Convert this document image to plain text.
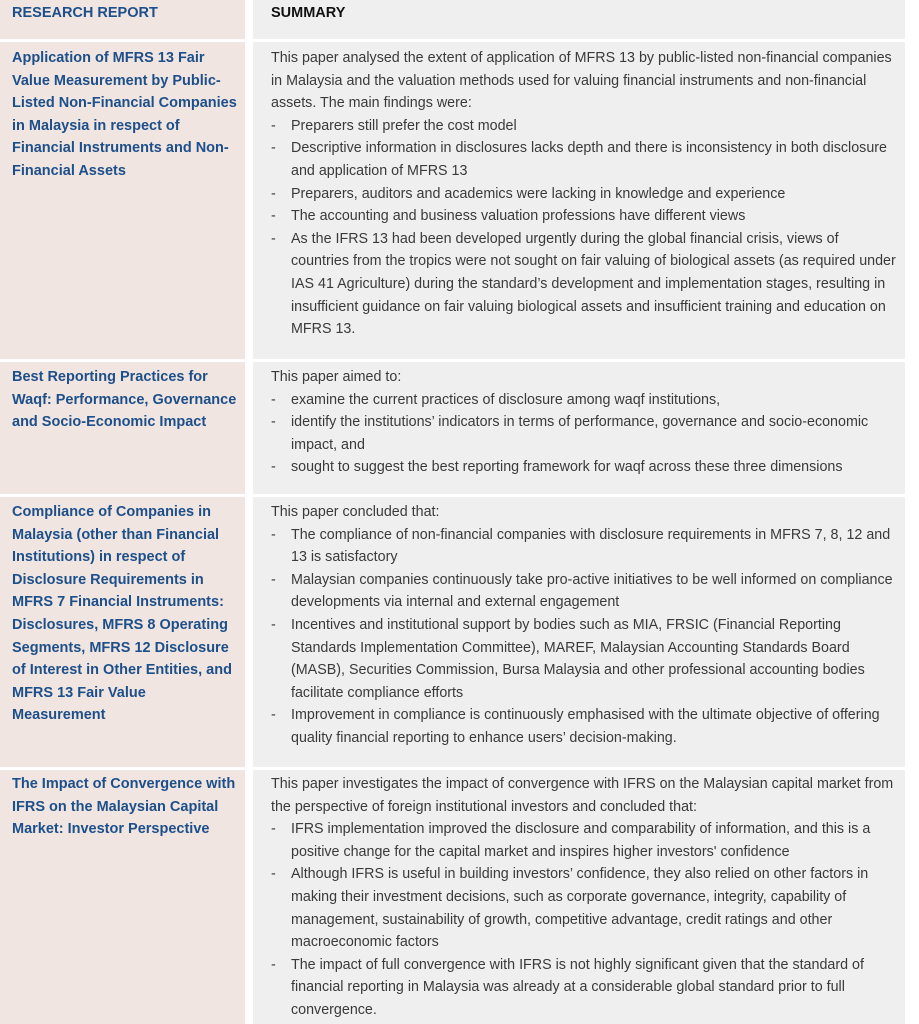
RESEARCH REPORT	SUMMARY
Application of MFRS 13 Fair Value Measurement by Public-Listed Non-Financial Companies in Malaysia in respect of Financial Instruments and Non-Financial Assets

This paper analysed the extent of application of MFRS 13 by public-listed non-financial companies in Malaysia and the valuation methods used for valuing financial instruments and non-financial assets. The main findings were:

- Preparers still prefer the cost model
- Descriptive information in disclosures lacks depth and there is inconsistency in both disclosure and application of MFRS 13
- Preparers, auditors and academics were lacking in knowledge and experience
- The accounting and business valuation professions have different views
- As the IFRS 13 had been developed urgently during the global financial crisis, views of countries from the tropics were not sought on fair valuing of biological assets (as required under IAS 41 Agriculture) during the standard’s development and implementation stages, resulting in insufficient guidance on fair valuing biological assets and insufficient training and education on MFRS 13.
Best Reporting Practices for Waqf: Performance, Governance and Socio-Economic Impact

This paper aimed to:

- examine the current practices of disclosure among waqf institutions,
- identify the institutions’ indicators in terms of performance, governance and socio-economic impact, and
- sought to suggest the best reporting framework for waqf across these three dimensions
Compliance of Companies in Malaysia (other than Financial Institutions) in respect of Disclosure Requirements in MFRS 7 Financial Instruments: Disclosures, MFRS 8 Operating Segments, MFRS 12 Disclosure of Interest in Other Entities, and MFRS 13 Fair Value Measurement

This paper concluded that:

- The compliance of non-financial companies with disclosure requirements in MFRS 7, 8, 12 and 13 is satisfactory
- Malaysian companies continuously take pro-active initiatives to be well informed on compliance developments via internal and external engagement
- Incentives and institutional support by bodies such as MIA, FRSIC (Financial Reporting Standards Implementation Committee), MAREF, Malaysian Accounting Standards Board (MASB), Securities Commission, Bursa Malaysia and other professional accounting bodies facilitate compliance efforts
- Improvement in compliance is continuously emphasised with the ultimate objective of offering quality financial reporting to enhance users’ decision-making.
The Impact of Convergence with IFRS on the Malaysian Capital Market: Investor Perspective

This paper investigates the impact of convergence with IFRS on the Malaysian capital market from the perspective of foreign institutional investors and concluded that:

- IFRS implementation improved the disclosure and comparability of information, and this is a positive change for the capital market and inspires higher investors' confidence
- Although IFRS is useful in building investors’ confidence, they also relied on other factors in making their investment decisions, such as corporate governance, integrity, capability of management, sustainability of growth, competitive advantage, credit ratings and other macroeconomic factors
- The impact of full convergence with IFRS is not highly significant given that the standard of financial reporting in Malaysia was already at a considerable global standard prior to full convergence.
